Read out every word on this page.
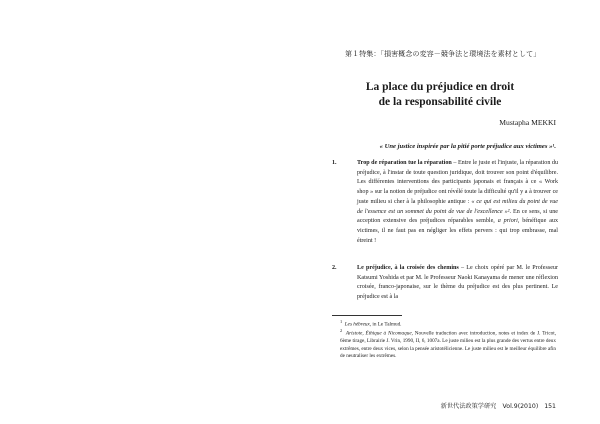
第１特集：「損害概念の変容－競争法と環境法を素材として」
La place du préjudice en droit
de la responsabilité civile
Mustapha MEKKI
« Une justice inspirée par la pitié porte préjudice aux victimes »¹.
1.	Trop de réparation tue la réparation – Entre le juste et l'injuste, la réparation du préjudice, à l'instar de toute question juridique, doit trouver son point d'équilibre. Les différentes interventions des participants japonais et français à ce « Work shop » sur la notion de préjudice ont révélé toute la difficulté qu'il y a à trouver ce juste milieu si cher à la philosophie antique : « ce qui est milieu du point de vue de l'essence est un sommet du point de vue de l'excellence »². En ce sens, si une acception extensive des préjudices réparables semble, a priori, bénéfique aux victimes, il ne faut pas en négliger les effets pervers : qui trop embrasse, mal étreint !
2.	Le préjudice, à la croisée des chemins – Le choix opéré par M. le Professeur Katsumi Yoshida et par M. le Professeur Naoki Kanayama de mener une réflexion croisée, franco-japonaise, sur le thème du préjudice est des plus pertinent. Le préjudice est à la
$^1$  Les hébreux, in Le Talmud.
$^2$  Aristote, Éthique à Nicomaque, Nouvelle traduction avec introduction, notes et index de J. Tricot, 6ème tirage, Librairie J. Vrin, 1990, II, 6, 1007a. Le juste milieu est la plus grande des vertus entre deux extrêmes, entre deux vices, selon la pensée aristotélicienne. Le juste milieu est le meilleur équilibre afin de neutraliser les extrêmes.
新世代法政策学研究　Vol.9(2010) 151
